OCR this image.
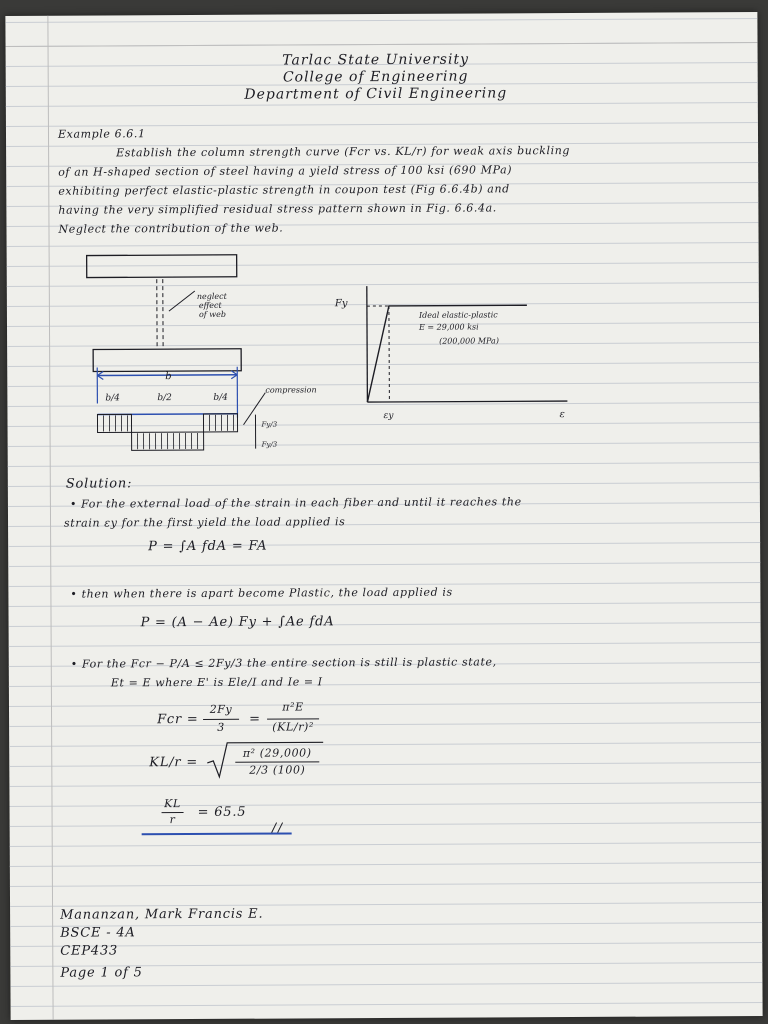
Tarlac State University
College of Engineering
Department of Civil Engineering
Example 6.6.1
Establish the column strength curve (Fcr vs. KL/r) for weak axis buckling
of an H-shaped section of steel having a yield stress of 100 ksi (690 MPa)
exhibiting perfect elastic-plastic strength in coupon test (Fig 6.6.4b) and
having the very simplified residual stress pattern shown in Fig. 6.6.4a.
Neglect the contribution of the web.
neglect
effect
of web
b
b/4	b/2	b/4
compression
Fy/3
Fy/3
Fy
εy	ε
Ideal elastic-plastic
E = 29,000 ksi
(200,000 MPa)
Solution:
• For the external load of the strain in each fiber and until it reaches the
strain εy for the first yield the load applied is
P = ∫A fdA = FA
• then when there is apart become Plastic, the load applied is
P = (A − Ae) Fy + ∫Ae fdA
• For the Fcr − P/A ≤ 2Fy/3 the entire section is still is plastic state,
Et = E where E' is Ele/I and Ie = I
Fcr =
2Fy
3
=
π²E
(KL/r)²
KL/r =
π² (29,000)
2/3 (100)
KL
r	= 65.5
Mananzan, Mark Francis E.
BSCE - 4A
CEP433
Page 1 of 5
